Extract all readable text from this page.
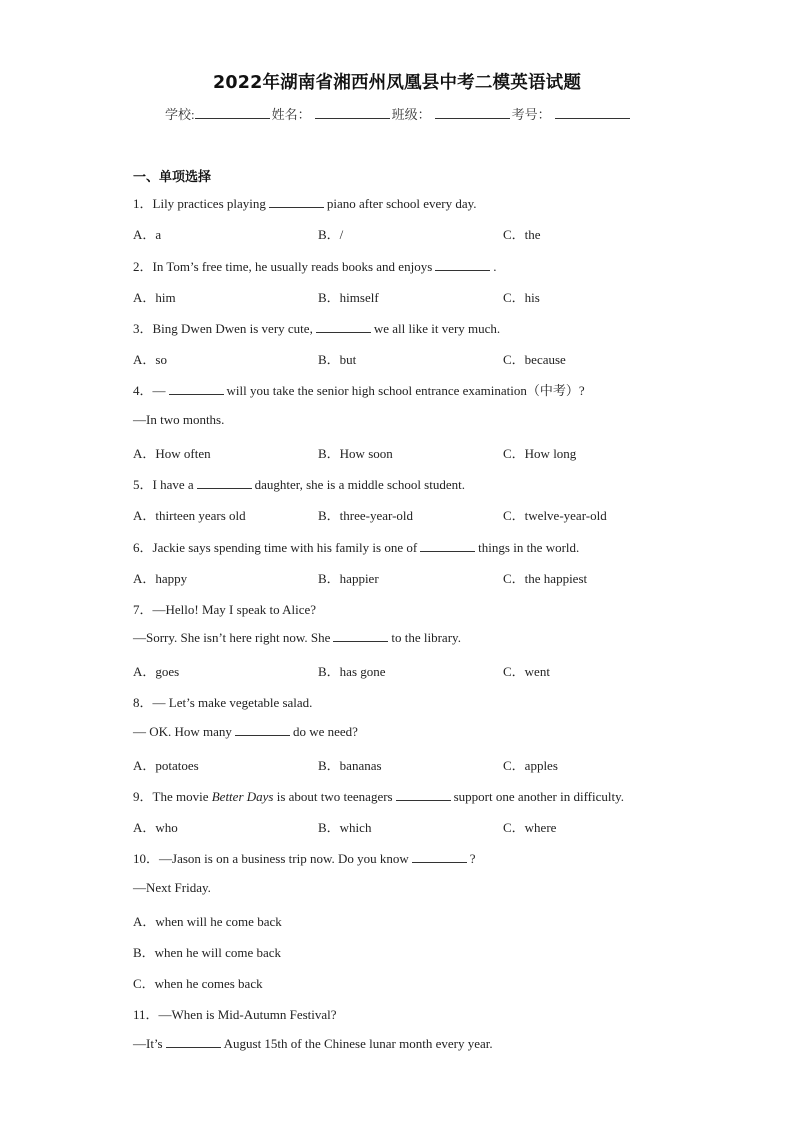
2022年湖南省湘西州凤凰县中考二模英语试题
学校:	姓名：	班级：	考号：
一、单项选择
1．Lily practices playing	piano after school every day.
A．a	B．/	C．the
2．In Tom’s free time, he usually reads books and enjoys	.
A．him	B．himself	C．his
3．Bing Dwen Dwen is very cute,	we all like it very much.
A．so	B．but	C．because
4．—	will you take the senior high school entrance examination（中考）?
—In two months.
A．How often	B．How soon	C．How long
5．I have a	daughter, she is a middle school student.
A．thirteen years old	B．three-year-old	C．twelve-year-old
6．Jackie says spending time with his family is one of	things in the world.
A．happy	B．happier	C．the happiest
7．—Hello! May I speak to Alice?
—Sorry. She isn’t here right now. She	to the library.
A．goes	B．has gone	C．went
8．— Let’s make vegetable salad.
— OK. How many	do we need?
A．potatoes	B．bananas	C．apples
9．The movie Better Days is about two teenagers	support one another in difficulty.
A．who	B．which	C．where
10．—Jason is on a business trip now. Do you know	?
—Next Friday.
A．when will he come back
B．when he will come back
C．when he comes back
11．—When is Mid-Autumn Festival?
—It’s	August 15th of the Chinese lunar month every year.
